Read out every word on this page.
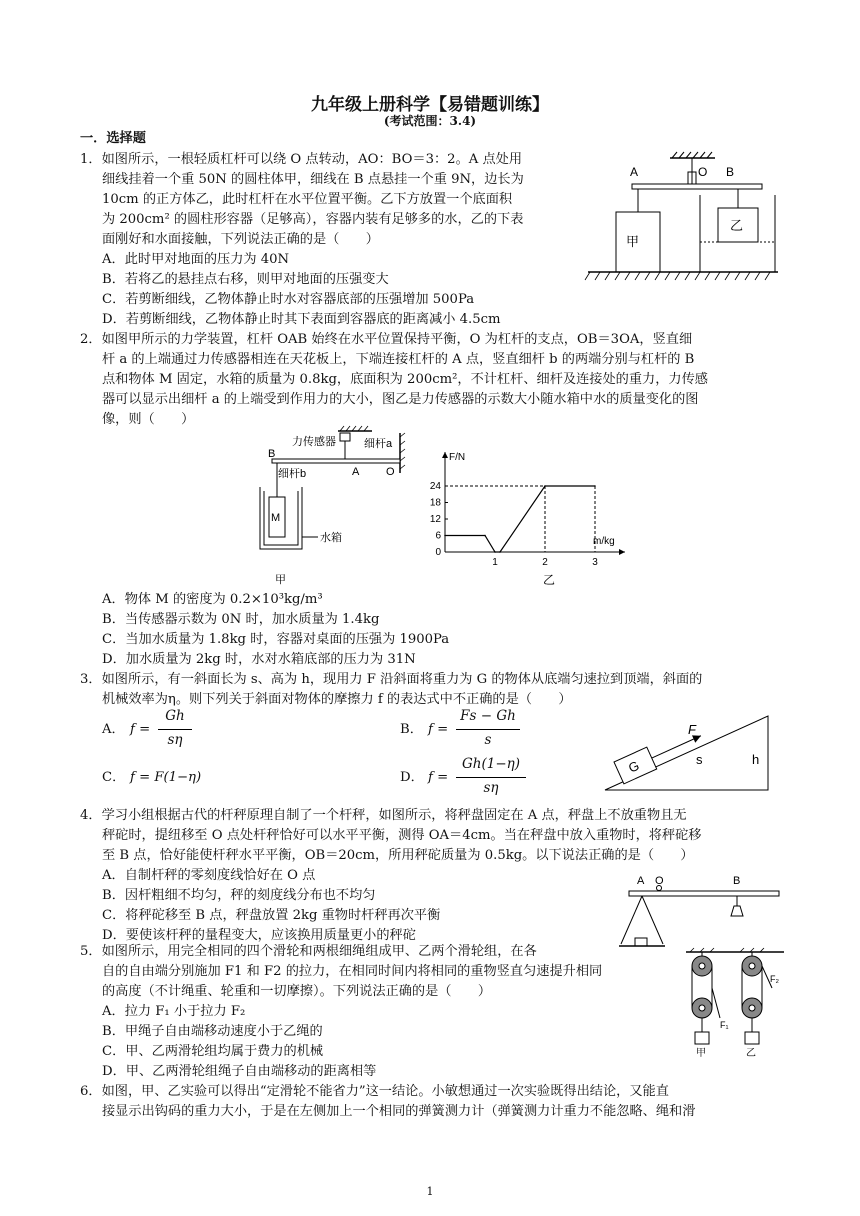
九年级上册科学【易错题训练】
(考试范围：3.4)
一．选择题
1．如图所示，一根轻质杠杆可以绕 O 点转动，AO：BO＝3：2。A 点处用
细线挂着一个重 50N 的圆柱体甲，细线在 B 点悬挂一个重 9N，边长为
10cm 的正方体乙，此时杠杆在水平位置平衡。乙下方放置一个底面积
为 200cm² 的圆柱形容器（足够高），容器内装有足够多的水，乙的下表
面刚好和水面接触，下列说法正确的是（　　）
A．此时甲对地面的压力为 40N
B．若将乙的悬挂点右移，则甲对地面的压强变大
C．若剪断细线，乙物体静止时水对容器底部的压强增加 500Pa
D．若剪断细线，乙物体静止时其下表面到容器底的距离减小 4.5cm
A	O B
甲
乙
2．如图甲所示的力学装置，杠杆 OAB 始终在水平位置保持平衡，O 为杠杆的支点，OB＝3OA，竖直细
杆 a 的上端通过力传感器相连在天花板上，下端连接杠杆的 A 点，竖直细杆 b 的两端分别与杠杆的 B
点和物体 M 固定，水箱的质量为 0.8kg，底面积为 200cm²，不计杠杆、细杆及连接处的重力，力传感
器可以显示出细杆 a 的上端受到作用力的大小，图乙是力传感器的示数大小随水箱中水的质量变化的图
像，则（　　）
力传感器	细杆a
B
A O
细杆b
M
水箱
甲
F/N
m/kg
0
6
12
18
24
1	2	3
乙
A．物体 M 的密度为 0.2×10³kg/m³
B．当传感器示数为 0N 时，加水质量为 1.4kg
C．当加水质量为 1.8kg 时，容器对桌面的压强为 1900Pa
D．加水质量为 2kg 时，水对水箱底部的压力为 31N
3．如图所示，有一斜面长为 s、高为 h，现用力 F 沿斜面将重力为 G 的物体从底端匀速拉到顶端，斜面的
机械效率为η。则下列关于斜面对物体的摩擦力 f 的表达式中不正确的是（　　）
A． f =
Gh
sη
B． f =
Fs − Gh
s
C． f = F(1−η)	D． f =
Gh(1−η)
sη
G
F
s	h
4．学习小组根据古代的杆秤原理自制了一个杆秤，如图所示，将秤盘固定在 A 点，秤盘上不放重物且无
秤砣时，提纽移至 O 点处杆秤恰好可以水平平衡，测得 OA＝4cm。当在秤盘中放入重物时，将秤砣移
至 B 点，恰好能使杆秤水平平衡，OB＝20cm，所用秤砣质量为 0.5kg。以下说法正确的是（　　）
A．自制杆秤的零刻度线恰好在 O 点
B．因杆粗细不均匀，秤的刻度线分布也不均匀
C．将秤砣移至 B 点，秤盘放置 2kg 重物时杆秤再次平衡
D．要使该杆秤的量程变大，应该换用质量更小的秤砣
A O	B
5．如图所示，用完全相同的四个滑轮和两根细绳组成甲、乙两个滑轮组，在各
自的自由端分别施加 F1 和 F2 的拉力，在相同时间内将相同的重物竖直匀速提升相同
的高度（不计绳重、轮重和一切摩擦）。下列说法正确的是（　　）
A．拉力 F₁ 小于拉力 F₂
B．甲绳子自由端移动速度小于乙绳的
C．甲、乙两滑轮组均属于费力的机械
D．甲、乙两滑轮组绳子自由端移动的距离相等
F₁
甲
F₂
乙
6．如图，甲、乙实验可以得出“定滑轮不能省力”这一结论。小敏想通过一次实验既得出结论，又能直
接显示出钩码的重力大小，于是在左侧加上一个相同的弹簧测力计（弹簧测力计重力不能忽略、绳和滑
1
